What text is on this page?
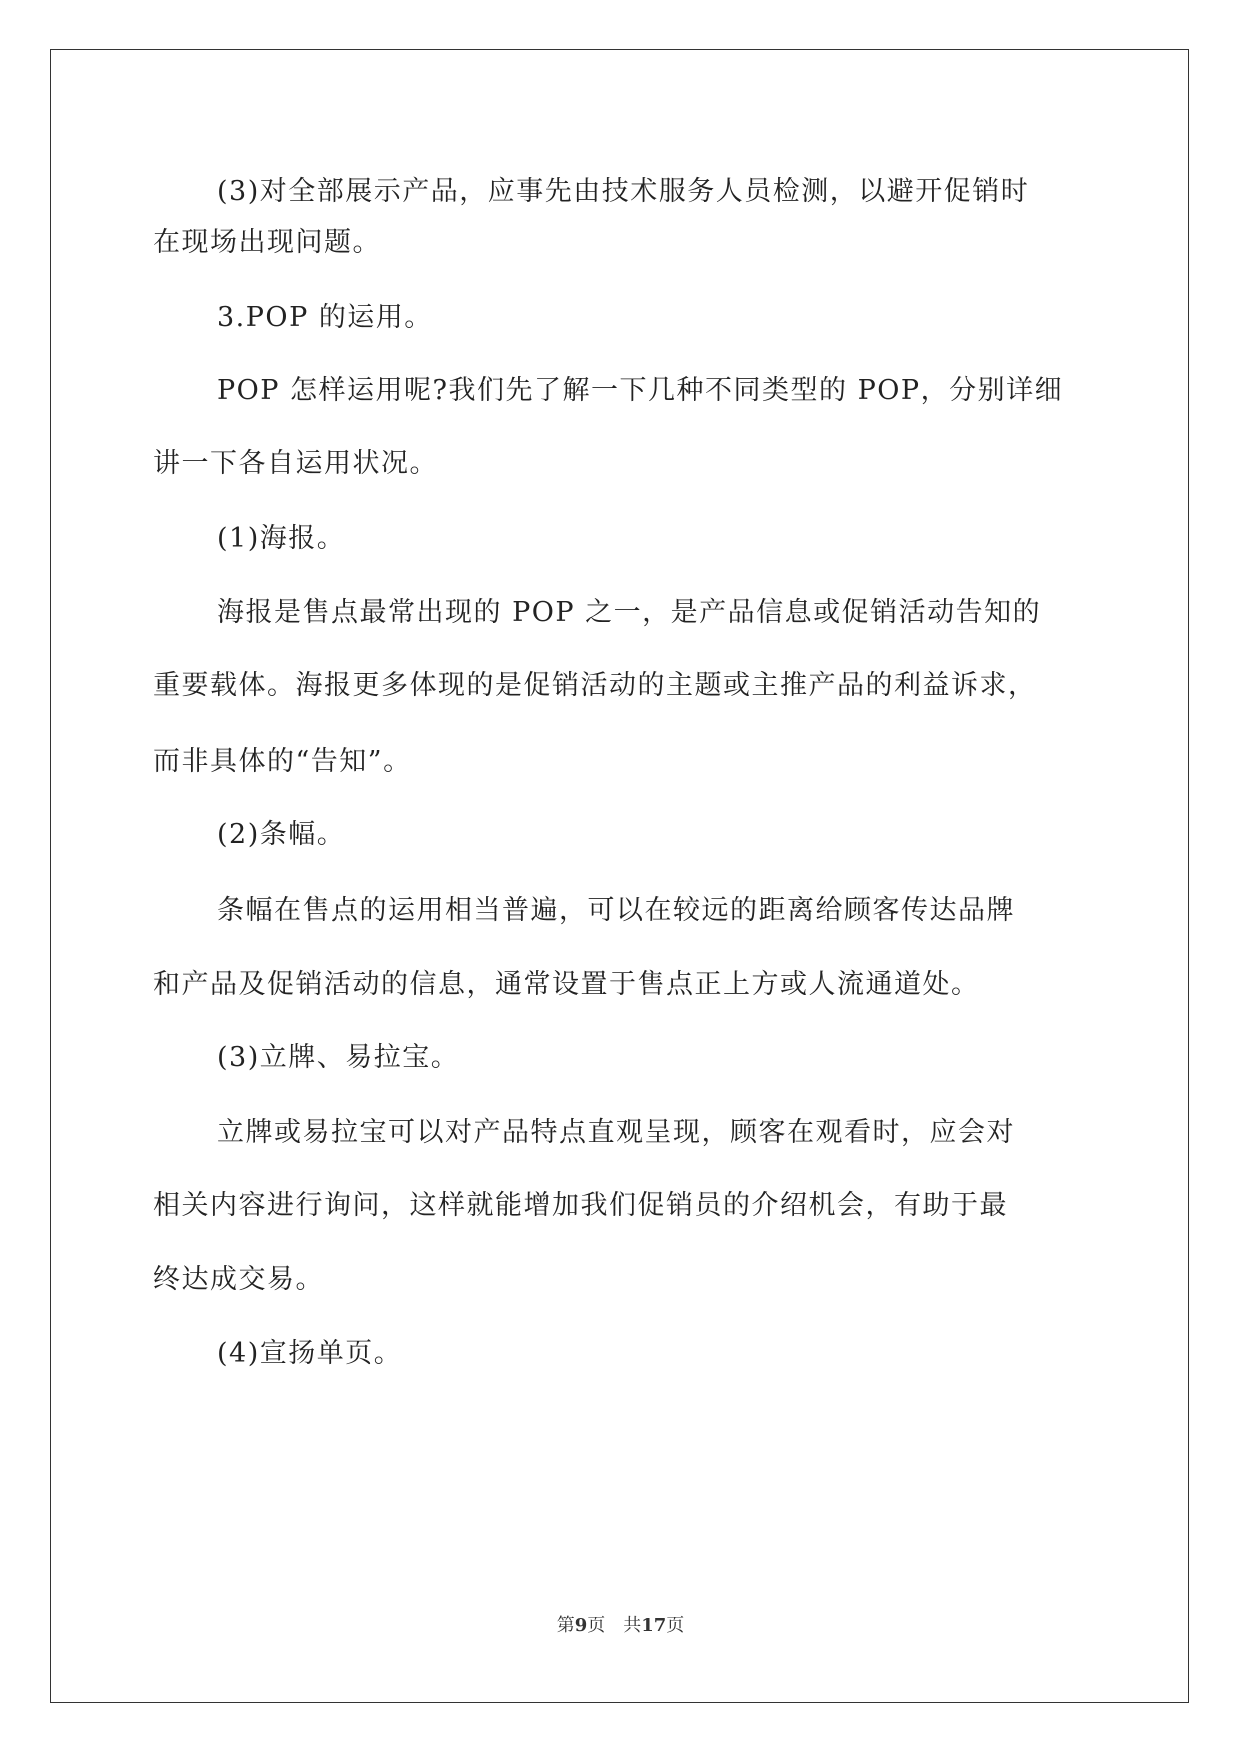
(3)对全部展示产品，应事先由技术服务人员检测，以避开促销时
在现场出现问题。
3.POP 的运用。
POP 怎样运用呢?我们先了解一下几种不同类型的 POP，分别详细
讲一下各自运用状况。
(1)海报。
海报是售点最常出现的 POP 之一，是产品信息或促销活动告知的
重要载体。海报更多体现的是促销活动的主题或主推产品的利益诉求，
而非具体的“告知”。
(2)条幅。
条幅在售点的运用相当普遍，可以在较远的距离给顾客传达品牌
和产品及促销活动的信息，通常设置于售点正上方或人流通道处。
(3)立牌、易拉宝。
立牌或易拉宝可以对产品特点直观呈现，顾客在观看时，应会对
相关内容进行询问，这样就能增加我们促销员的介绍机会，有助于最
终达成交易。
(4)宣扬单页。
第9页　共17页
